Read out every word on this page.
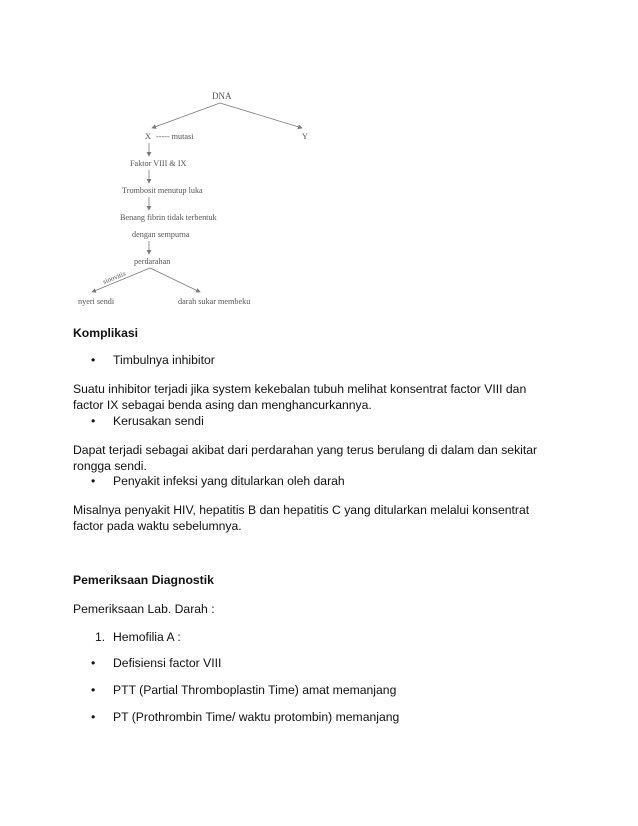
DNA
X ----- mutasi	Y
Faktor VIII & IX
Trombosit menutup luka
Benang fibrin tidak terbentuk
dengan sempurna
perdarahan
sinovitis
nyeri sendi	darah sukar membeku
Komplikasi
• Timbulnya inhibitor
Suatu inhibitor terjadi jika system kekebalan tubuh melihat konsentrat factor VIII dan
factor IX sebagai benda asing dan menghancurkannya.
• Kerusakan sendi
Dapat terjadi sebagai akibat dari perdarahan yang terus berulang di dalam dan sekitar
rongga sendi.
• Penyakit infeksi yang ditularkan oleh darah
Misalnya penyakit HIV, hepatitis B dan hepatitis C yang ditularkan melalui konsentrat
factor pada waktu sebelumnya.
Pemeriksaan Diagnostik
Pemeriksaan Lab. Darah :
1. Hemofilia A :
• Defisiensi factor VIII
• PTT (Partial Thromboplastin Time) amat memanjang
• PT (Prothrombin Time/ waktu protombin) memanjang
